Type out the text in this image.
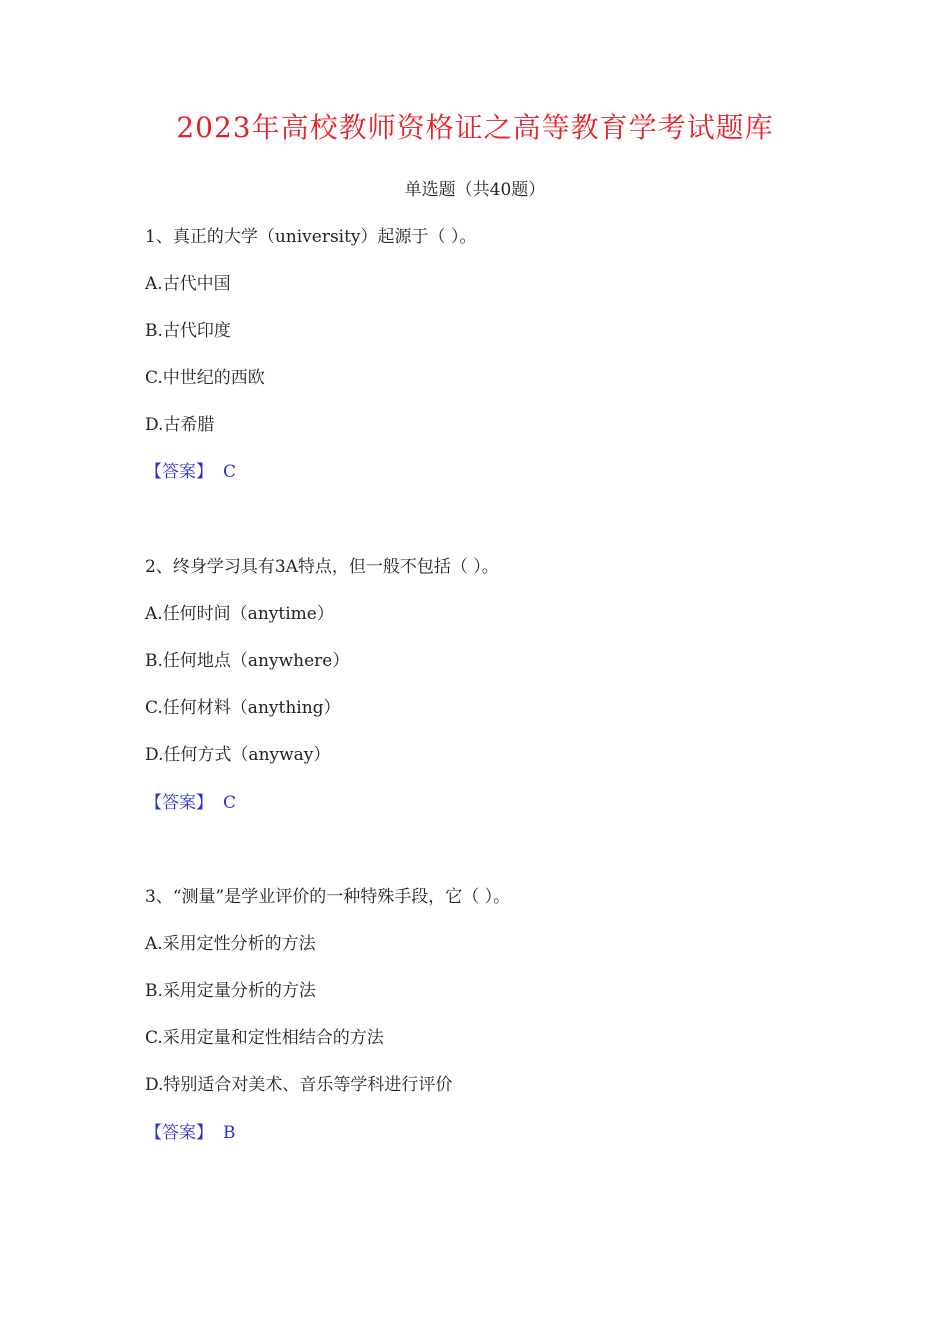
2023年高校教师资格证之高等教育学考试题库
单选题（共40题）
1、真正的大学（university）起源于（ ）。
A.古代中国
B.古代印度
C.中世纪的西欧
D.古希腊
【答案】 C
2、终身学习具有3A特点，但一般不包括（ ）。
A.任何时间（anytime）
B.任何地点（anywhere）
C.任何材料（anything）
D.任何方式（anyway）
【答案】 C
3、“测量”是学业评价的一种特殊手段，它（ ）。
A.采用定性分析的方法
B.采用定量分析的方法
C.采用定量和定性相结合的方法
D.特别适合对美术、音乐等学科进行评价
【答案】 B
